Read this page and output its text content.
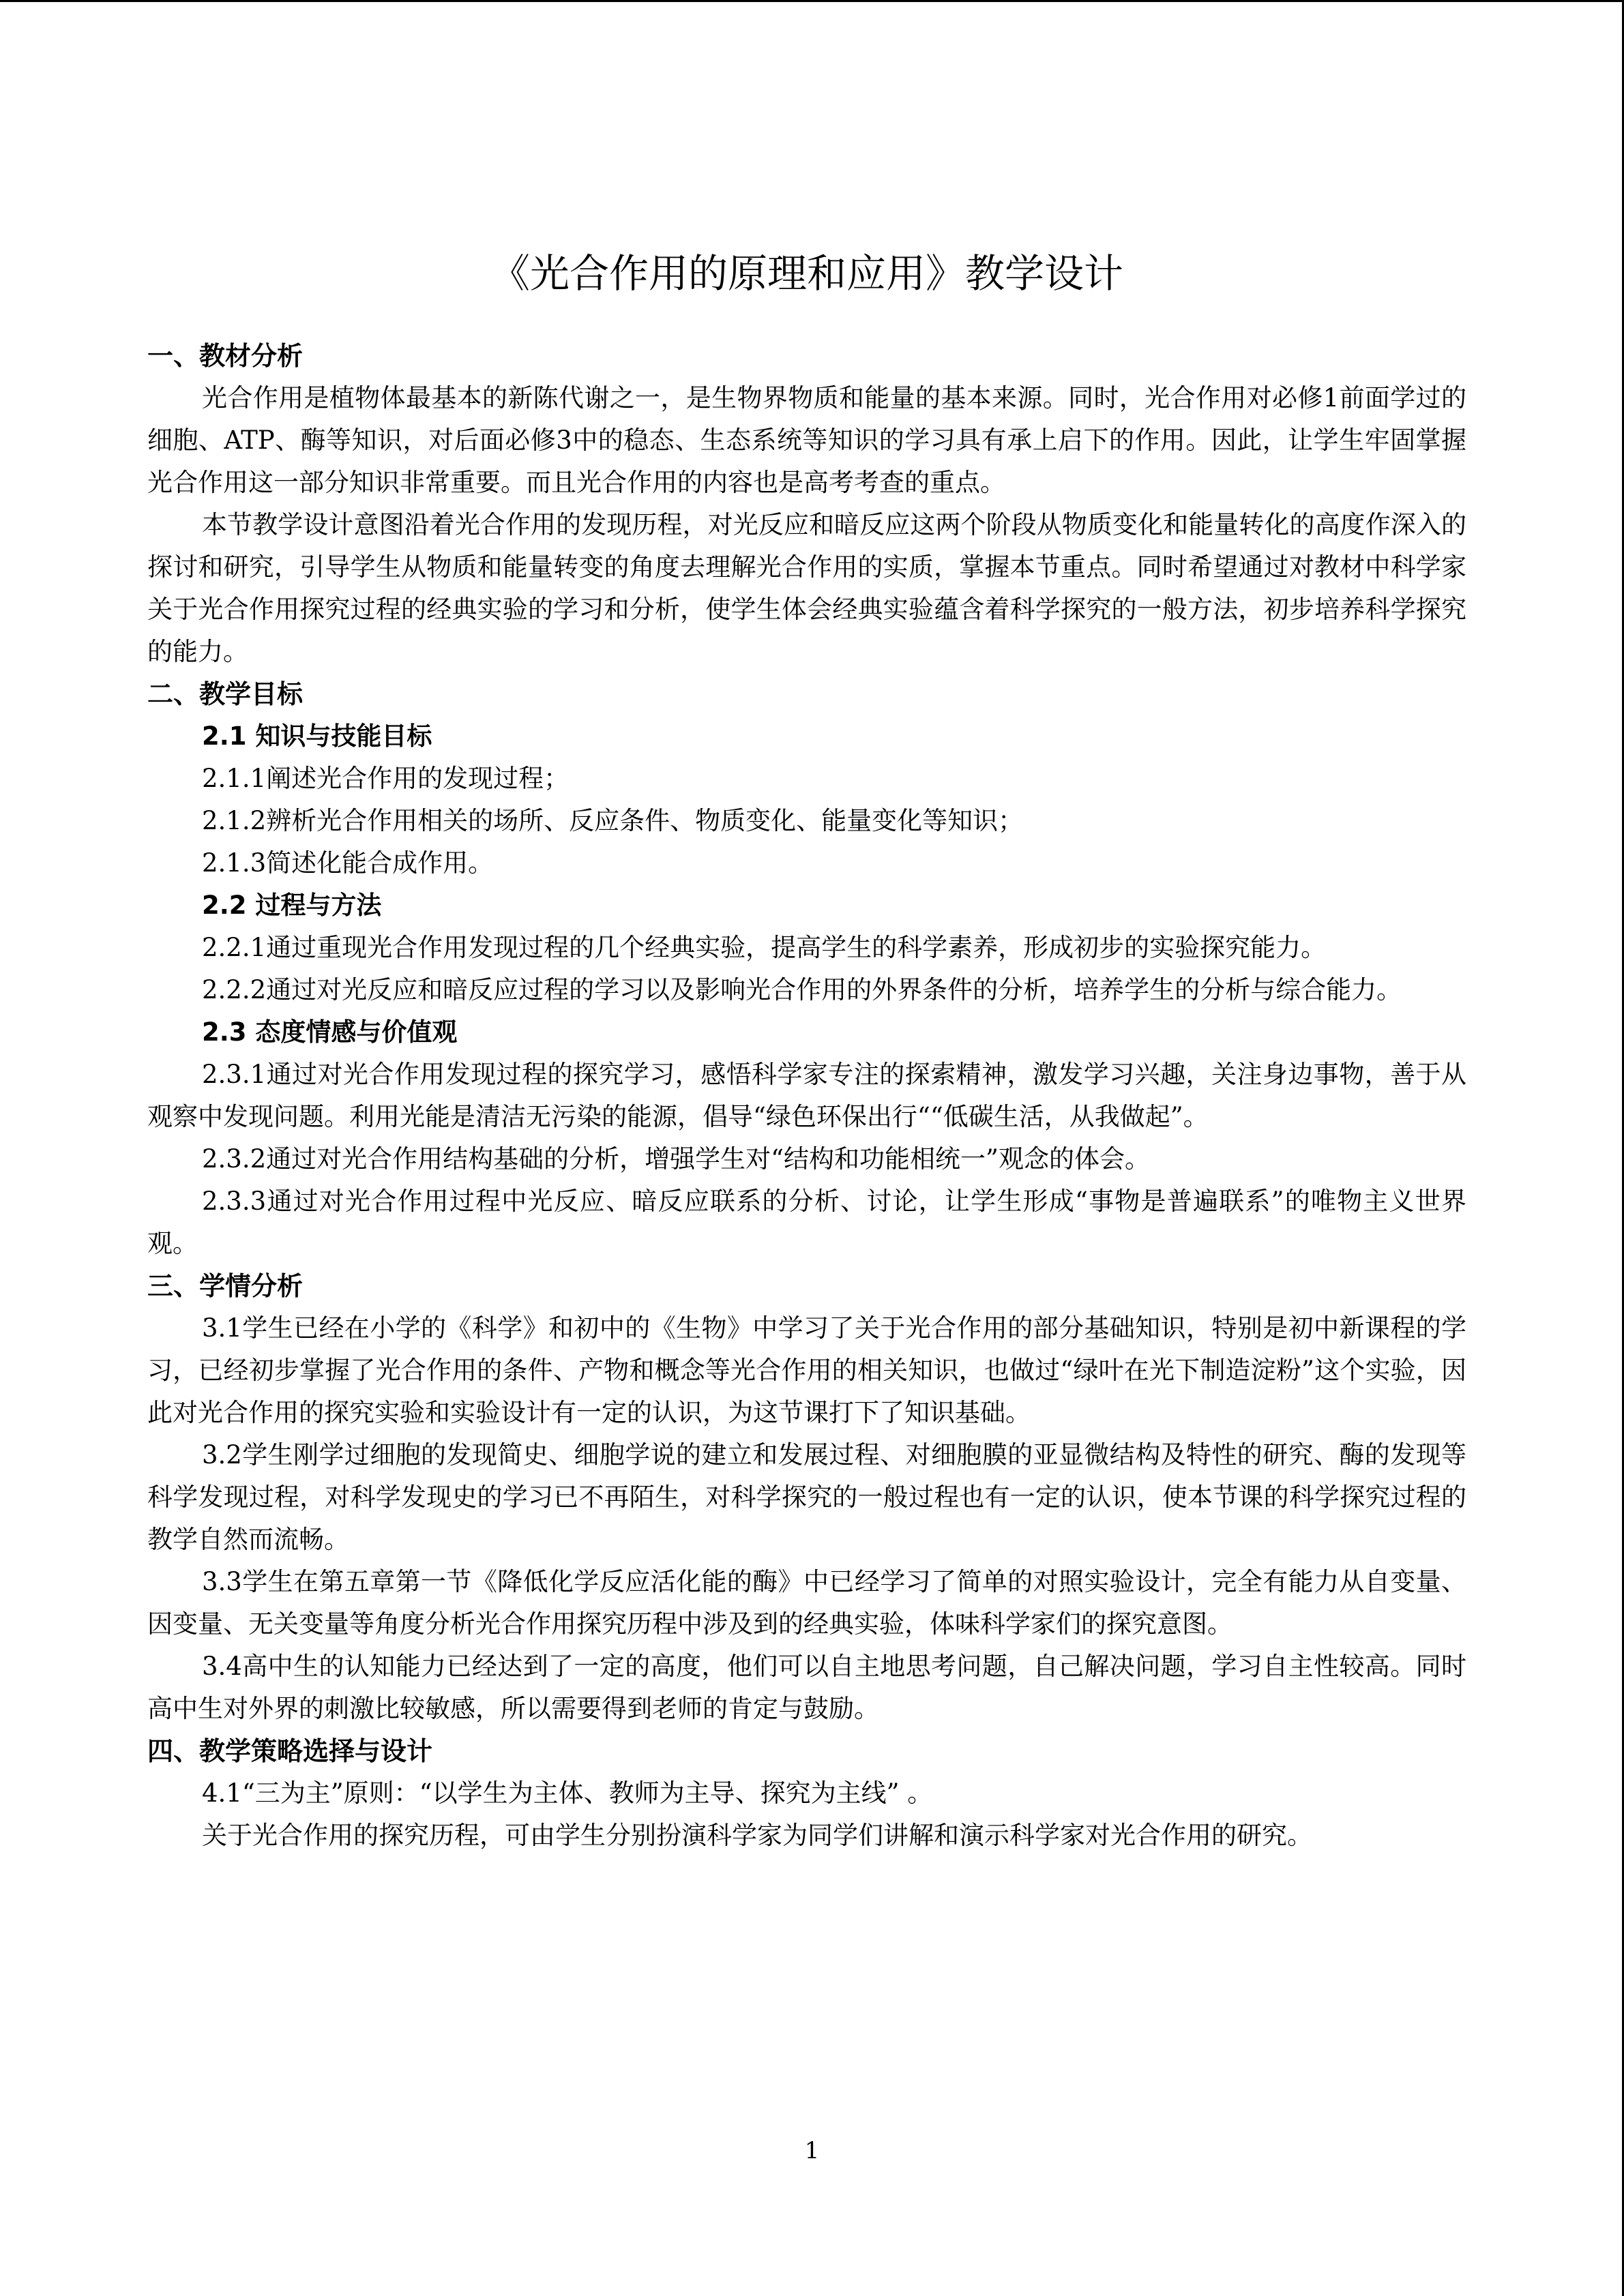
《光合作用的原理和应用》教学设计
一、教材分析
光合作用是植物体最基本的新陈代谢之一，是生物界物质和能量的基本来源。同时，光合作用对必修1前面学过的细胞、ATP、酶等知识，对后面必修3中的稳态、生态系统等知识的学习具有承上启下的作用。因此，让学生牢固掌握光合作用这一部分知识非常重要。而且光合作用的内容也是高考考查的重点。
本节教学设计意图沿着光合作用的发现历程，对光反应和暗反应这两个阶段从物质变化和能量转化的高度作深入的探讨和研究，引导学生从物质和能量转变的角度去理解光合作用的实质，掌握本节重点。同时希望通过对教材中科学家关于光合作用探究过程的经典实验的学习和分析，使学生体会经典实验蕴含着科学探究的一般方法，初步培养科学探究的能力。
二、教学目标
2.1 知识与技能目标
2.1.1阐述光合作用的发现过程；
2.1.2辨析光合作用相关的场所、反应条件、物质变化、能量变化等知识；
2.1.3简述化能合成作用。
2.2 过程与方法
2.2.1通过重现光合作用发现过程的几个经典实验，提高学生的科学素养，形成初步的实验探究能力。
2.2.2通过对光反应和暗反应过程的学习以及影响光合作用的外界条件的分析，培养学生的分析与综合能力。
2.3 态度情感与价值观
2.3.1通过对光合作用发现过程的探究学习，感悟科学家专注的探索精神，激发学习兴趣，关注身边事物，善于从观察中发现问题。利用光能是清洁无污染的能源，倡导“绿色环保出行““低碳生活，从我做起”。
2.3.2通过对光合作用结构基础的分析，增强学生对“结构和功能相统一”观念的体会。
2.3.3通过对光合作用过程中光反应、暗反应联系的分析、讨论，让学生形成“事物是普遍联系”的唯物主义世界观。
三、学情分析
3.1学生已经在小学的《科学》和初中的《生物》中学习了关于光合作用的部分基础知识，特别是初中新课程的学习，已经初步掌握了光合作用的条件、产物和概念等光合作用的相关知识，也做过“绿叶在光下制造淀粉”这个实验，因此对光合作用的探究实验和实验设计有一定的认识，为这节课打下了知识基础。
3.2学生刚学过细胞的发现简史、细胞学说的建立和发展过程、对细胞膜的亚显微结构及特性的研究、酶的发现等科学发现过程，对科学发现史的学习已不再陌生，对科学探究的一般过程也有一定的认识，使本节课的科学探究过程的教学自然而流畅。
3.3学生在第五章第一节《降低化学反应活化能的酶》中已经学习了简单的对照实验设计，完全有能力从自变量、因变量、无关变量等角度分析光合作用探究历程中涉及到的经典实验，体味科学家们的探究意图。
3.4高中生的认知能力已经达到了一定的高度，他们可以自主地思考问题，自己解决问题，学习自主性较高。同时高中生对外界的刺激比较敏感，所以需要得到老师的肯定与鼓励。
四、教学策略选择与设计
4.1“三为主”原则：“以学生为主体、教师为主导、探究为主线” 。
关于光合作用的探究历程，可由学生分别扮演科学家为同学们讲解和演示科学家对光合作用的研究。
1
